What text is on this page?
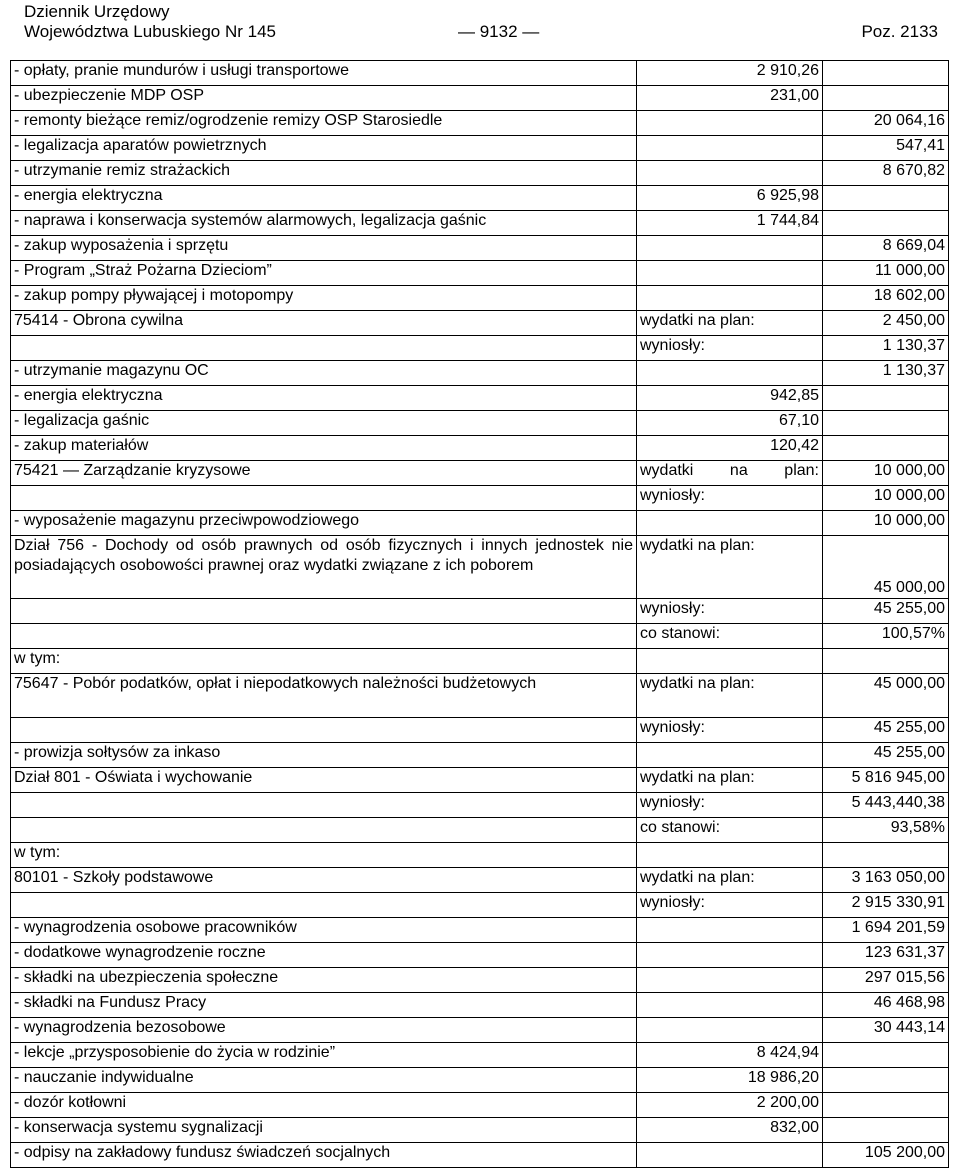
Dziennik Urzędowy
Województwa Lubuskiego Nr 145	— 9132 —	Poz. 2133
- opłaty, pranie mundurów i usługi transportowe	2 910,26	
- ubezpieczenie MDP OSP	231,00	
- remonty bieżące remiz/ogrodzenie remizy OSP Starosiedle		20 064,16
- legalizacja aparatów powietrznych		547,41
- utrzymanie remiz strażackich		8 670,82
- energia elektryczna	6 925,98	
- naprawa i konserwacja systemów alarmowych, legalizacja gaśnic	1 744,84	
- zakup wyposażenia i sprzętu		8 669,04
- Program „Straż Pożarna Dzieciom”		11 000,00
- zakup pompy pływającej i motopompy		18 602,00
75414 - Obrona cywilna	wydatki na plan:	2 450,00
	wyniosły:	1 130,37
- utrzymanie magazynu OC		1 130,37
- energia elektryczna	942,85	
- legalizacja gaśnic	67,10	
- zakup materiałów	120,42	
75421 — Zarządzanie kryzysowe	wydatki na plan:	10 000,00
	wyniosły:	10 000,00
- wyposażenie magazynu przeciwpowodziowego		10 000,00
Dział 756 - Dochody od osób prawnych od osób fizycznych i innych jednostek nie posiadających osobowości prawnej oraz wydatki związane z ich poborem	wydatki na plan:	45 000,00
	wyniosły:	45 255,00
	co stanowi:	100,57%
w tym:		
75647 - Pobór podatków, opłat i niepodatkowych należności budżetowych	wydatki na plan:	45 000,00
	wyniosły:	45 255,00
- prowizja sołtysów za inkaso		45 255,00
Dział 801 - Oświata i wychowanie	wydatki na plan:	5 816 945,00
	wyniosły:	5 443,440,38
	co stanowi:	93,58%
w tym:		
80101 - Szkoły podstawowe	wydatki na plan:	3 163 050,00
	wyniosły:	2 915 330,91
- wynagrodzenia osobowe pracowników		1 694 201,59
- dodatkowe wynagrodzenie roczne		123 631,37
- składki na ubezpieczenia społeczne		297 015,56
- składki na Fundusz Pracy		46 468,98
- wynagrodzenia bezosobowe		30 443,14
- lekcje „przysposobienie do życia w rodzinie”	8 424,94	
- nauczanie indywidualne	18 986,20	
- dozór kotłowni	2 200,00	
- konserwacja systemu sygnalizacji	832,00	
- odpisy na zakładowy fundusz świadczeń socjalnych		105 200,00
